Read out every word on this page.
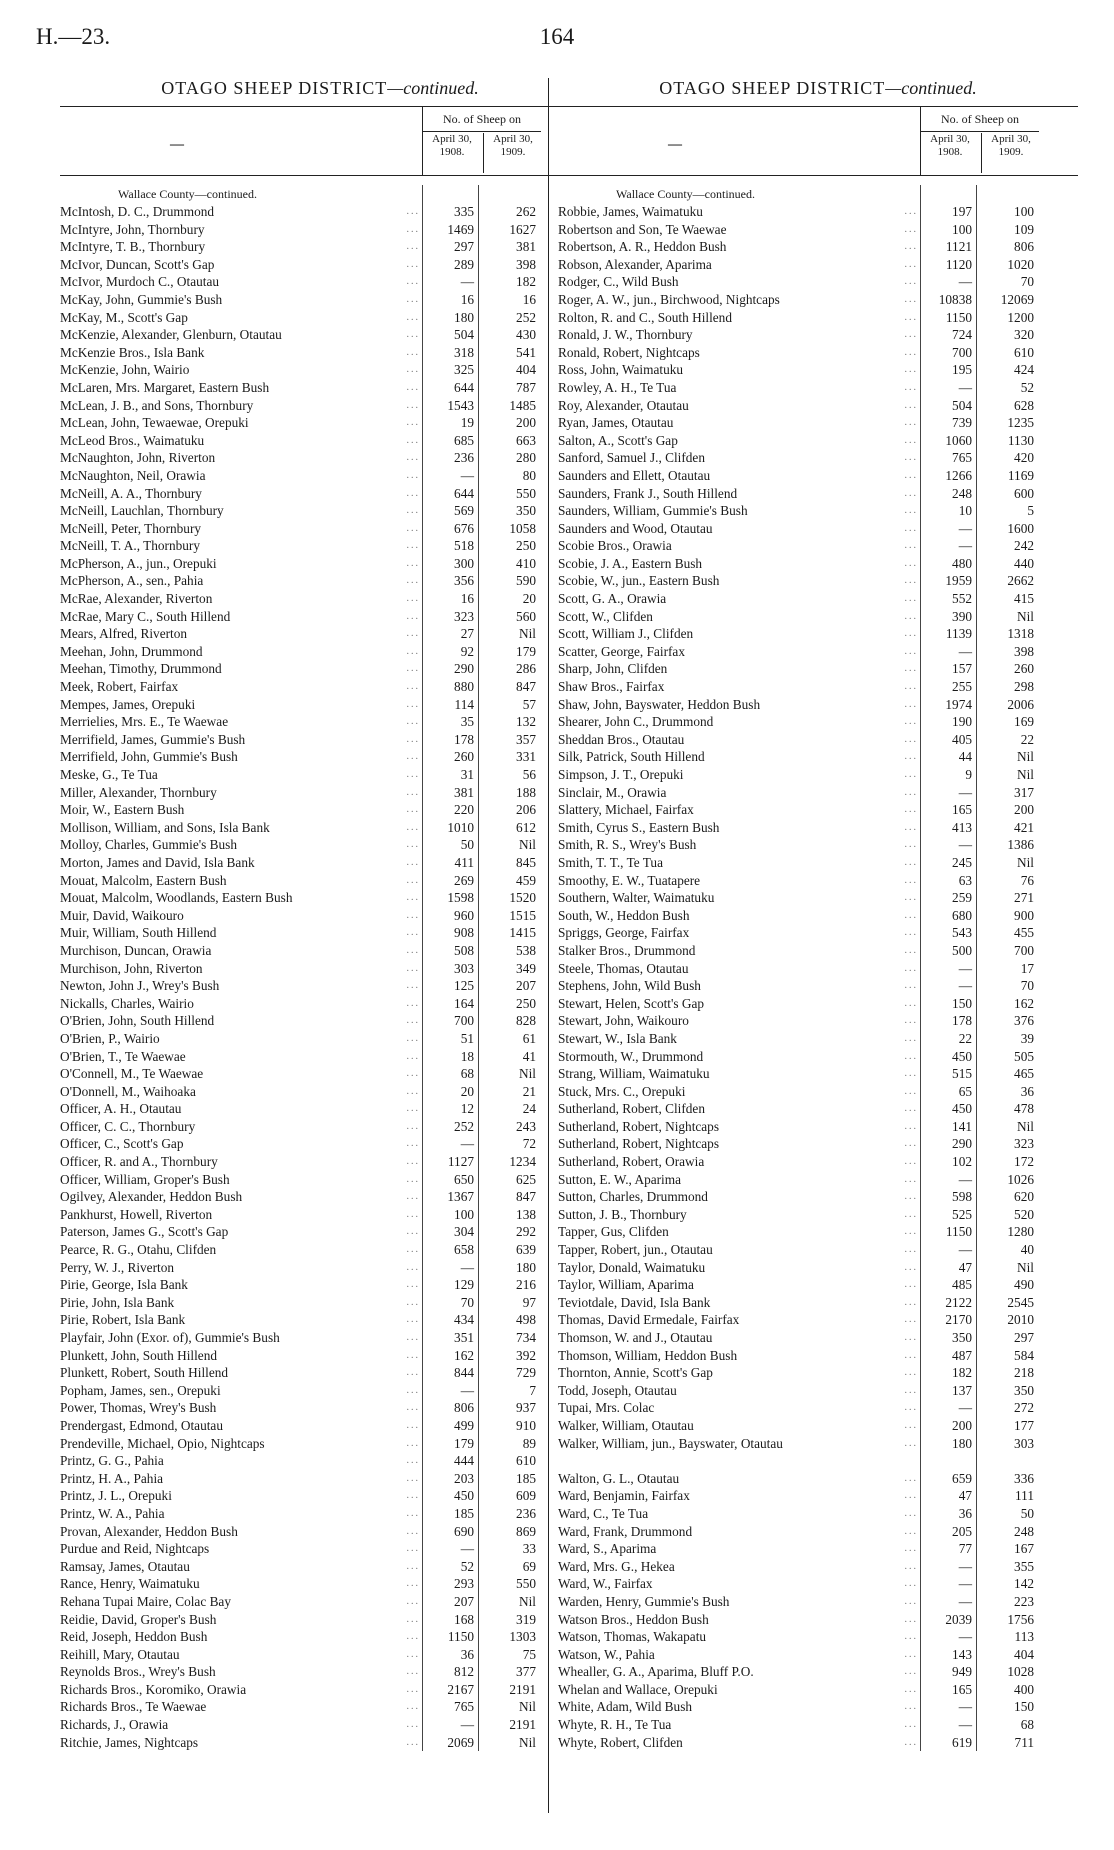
H.—23.	164
OTAGO SHEEP DISTRICT—continued.
—
No. of Sheep on
April 30, 1908.
April 30, 1909.
Wallace County—continued.
McIntosh, D. C., Drummond	...	335	262
McIntyre, John, Thornbury	...	1469	1627
McIntyre, T. B., Thornbury	...	297	381
McIvor, Duncan, Scott's Gap	...	289	398
McIvor, Murdoch C., Otautau	...	—	182
McKay, John, Gummie's Bush	...	16	16
McKay, M., Scott's Gap	...	180	252
McKenzie, Alexander, Glenburn, Otautau	...	504	430
McKenzie Bros., Isla Bank	...	318	541
McKenzie, John, Wairio	...	325	404
McLaren, Mrs. Margaret, Eastern Bush	...	644	787
McLean, J. B., and Sons, Thornbury	...	1543	1485
McLean, John, Tewaewae, Orepuki	...	19	200
McLeod Bros., Waimatuku	...	685	663
McNaughton, John, Riverton	...	236	280
McNaughton, Neil, Orawia	...	—	80
McNeill, A. A., Thornbury	...	644	550
McNeill, Lauchlan, Thornbury	...	569	350
McNeill, Peter, Thornbury	...	676	1058
McNeill, T. A., Thornbury	...	518	250
McPherson, A., jun., Orepuki	...	300	410
McPherson, A., sen., Pahia	...	356	590
McRae, Alexander, Riverton	...	16	20
McRae, Mary C., South Hillend	...	323	560
Mears, Alfred, Riverton	...	27	Nil
Meehan, John, Drummond	...	92	179
Meehan, Timothy, Drummond	...	290	286
Meek, Robert, Fairfax	...	880	847
Mempes, James, Orepuki	...	114	57
Merrielies, Mrs. E., Te Waewae	...	35	132
Merrifield, James, Gummie's Bush	...	178	357
Merrifield, John, Gummie's Bush	...	260	331
Meske, G., Te Tua	...	31	56
Miller, Alexander, Thornbury	...	381	188
Moir, W., Eastern Bush	...	220	206
Mollison, William, and Sons, Isla Bank	...	1010	612
Molloy, Charles, Gummie's Bush	...	50	Nil
Morton, James and David, Isla Bank	...	411	845
Mouat, Malcolm, Eastern Bush	...	269	459
Mouat, Malcolm, Woodlands, Eastern Bush	...	1598	1520
Muir, David, Waikouro	...	960	1515
Muir, William, South Hillend	...	908	1415
Murchison, Duncan, Orawia	...	508	538
Murchison, John, Riverton	...	303	349
Newton, John J., Wrey's Bush	...	125	207
Nickalls, Charles, Wairio	...	164	250
O'Brien, John, South Hillend	...	700	828
O'Brien, P., Wairio	...	51	61
O'Brien, T., Te Waewae	...	18	41
O'Connell, M., Te Waewae	...	68	Nil
O'Donnell, M., Waihoaka	...	20	21
Officer, A. H., Otautau	...	12	24
Officer, C. C., Thornbury	...	252	243
Officer, C., Scott's Gap	...	—	72
Officer, R. and A., Thornbury	...	1127	1234
Officer, William, Groper's Bush	...	650	625
Ogilvey, Alexander, Heddon Bush	...	1367	847
Pankhurst, Howell, Riverton	...	100	138
Paterson, James G., Scott's Gap	...	304	292
Pearce, R. G., Otahu, Clifden	...	658	639
Perry, W. J., Riverton	...	—	180
Pirie, George, Isla Bank	...	129	216
Pirie, John, Isla Bank	...	70	97
Pirie, Robert, Isla Bank	...	434	498
Playfair, John (Exor. of), Gummie's Bush	...	351	734
Plunkett, John, South Hillend	...	162	392
Plunkett, Robert, South Hillend	...	844	729
Popham, James, sen., Orepuki	...	—	7
Power, Thomas, Wrey's Bush	...	806	937
Prendergast, Edmond, Otautau	...	499	910
Prendeville, Michael, Opio, Nightcaps	...	179	89
Printz, G. G., Pahia	...	444	610
Printz, H. A., Pahia	...	203	185
Printz, J. L., Orepuki	...	450	609
Printz, W. A., Pahia	...	185	236
Provan, Alexander, Heddon Bush	...	690	869
Purdue and Reid, Nightcaps	...	—	33
Ramsay, James, Otautau	...	52	69
Rance, Henry, Waimatuku	...	293	550
Rehana Tupai Maire, Colac Bay	...	207	Nil
Reidie, David, Groper's Bush	...	168	319
Reid, Joseph, Heddon Bush	...	1150	1303
Reihill, Mary, Otautau	...	36	75
Reynolds Bros., Wrey's Bush	...	812	377
Richards Bros., Koromiko, Orawia	...	2167	2191
Richards Bros., Te Waewae	...	765	Nil
Richards, J., Orawia	...	—	2191
Ritchie, James, Nightcaps	...	2069	Nil
OTAGO SHEEP DISTRICT—continued.
—
No. of Sheep on
April 30, 1908.
April 30, 1909.
Wallace County—continued.
Robbie, James, Waimatuku	...	197	100
Robertson and Son, Te Waewae	...	100	109
Robertson, A. R., Heddon Bush	...	1121	806
Robson, Alexander, Aparima	...	1120	1020
Rodger, C., Wild Bush	...	—	70
Roger, A. W., jun., Birchwood, Nightcaps	...	10838	12069
Rolton, R. and C., South Hillend	...	1150	1200
Ronald, J. W., Thornbury	...	724	320
Ronald, Robert, Nightcaps	...	700	610
Ross, John, Waimatuku	...	195	424
Rowley, A. H., Te Tua	...	—	52
Roy, Alexander, Otautau	...	504	628
Ryan, James, Otautau	...	739	1235
Salton, A., Scott's Gap	...	1060	1130
Sanford, Samuel J., Clifden	...	765	420
Saunders and Ellett, Otautau	...	1266	1169
Saunders, Frank J., South Hillend	...	248	600
Saunders, William, Gummie's Bush	...	10	5
Saunders and Wood, Otautau	...	—	1600
Scobie Bros., Orawia	...	—	242
Scobie, J. A., Eastern Bush	...	480	440
Scobie, W., jun., Eastern Bush	...	1959	2662
Scott, G. A., Orawia	...	552	415
Scott, W., Clifden	...	390	Nil
Scott, William J., Clifden	...	1139	1318
Scatter, George, Fairfax	...	—	398
Sharp, John, Clifden	...	157	260
Shaw Bros., Fairfax	...	255	298
Shaw, John, Bayswater, Heddon Bush	...	1974	2006
Shearer, John C., Drummond	...	190	169
Sheddan Bros., Otautau	...	405	22
Silk, Patrick, South Hillend	...	44	Nil
Simpson, J. T., Orepuki	...	9	Nil
Sinclair, M., Orawia	...	—	317
Slattery, Michael, Fairfax	...	165	200
Smith, Cyrus S., Eastern Bush	...	413	421
Smith, R. S., Wrey's Bush	...	—	1386
Smith, T. T., Te Tua	...	245	Nil
Smoothy, E. W., Tuatapere	...	63	76
Southern, Walter, Waimatuku	...	259	271
South, W., Heddon Bush	...	680	900
Spriggs, George, Fairfax	...	543	455
Stalker Bros., Drummond	...	500	700
Steele, Thomas, Otautau	...	—	17
Stephens, John, Wild Bush	...	—	70
Stewart, Helen, Scott's Gap	...	150	162
Stewart, John, Waikouro	...	178	376
Stewart, W., Isla Bank	...	22	39
Stormouth, W., Drummond	...	450	505
Strang, William, Waimatuku	...	515	465
Stuck, Mrs. C., Orepuki	...	65	36
Sutherland, Robert, Clifden	...	450	478
Sutherland, Robert, Nightcaps	...	141	Nil
Sutherland, Robert, Nightcaps	...	290	323
Sutherland, Robert, Orawia	...	102	172
Sutton, E. W., Aparima	...	—	1026
Sutton, Charles, Drummond	...	598	620
Sutton, J. B., Thornbury	...	525	520
Tapper, Gus, Clifden	...	1150	1280
Tapper, Robert, jun., Otautau	...	—	40
Taylor, Donald, Waimatuku	...	47	Nil
Taylor, William, Aparima	...	485	490
Teviotdale, David, Isla Bank	...	2122	2545
Thomas, David Ermedale, Fairfax	...	2170	2010
Thomson, W. and J., Otautau	...	350	297
Thomson, William, Heddon Bush	...	487	584
Thornton, Annie, Scott's Gap	...	182	218
Todd, Joseph, Otautau	...	137	350
Tupai, Mrs. Colac	...	—	272
Walker, William, Otautau	...	200	177
Walker, William, jun., Bayswater, Otautau	...	180	303
Walton, G. L., Otautau	...	659	336
Ward, Benjamin, Fairfax	...	47	111
Ward, C., Te Tua	...	36	50
Ward, Frank, Drummond	...	205	248
Ward, S., Aparima	...	77	167
Ward, Mrs. G., Hekea	...	—	355
Ward, W., Fairfax	...	—	142
Warden, Henry, Gummie's Bush	...	—	223
Watson Bros., Heddon Bush	...	2039	1756
Watson, Thomas, Wakapatu	...	—	113
Watson, W., Pahia	...	143	404
Whealler, G. A., Aparima, Bluff P.O.	...	949	1028
Whelan and Wallace, Orepuki	...	165	400
White, Adam, Wild Bush	...	—	150
Whyte, R. H., Te Tua	...	—	68
Whyte, Robert, Clifden	...	619	711
